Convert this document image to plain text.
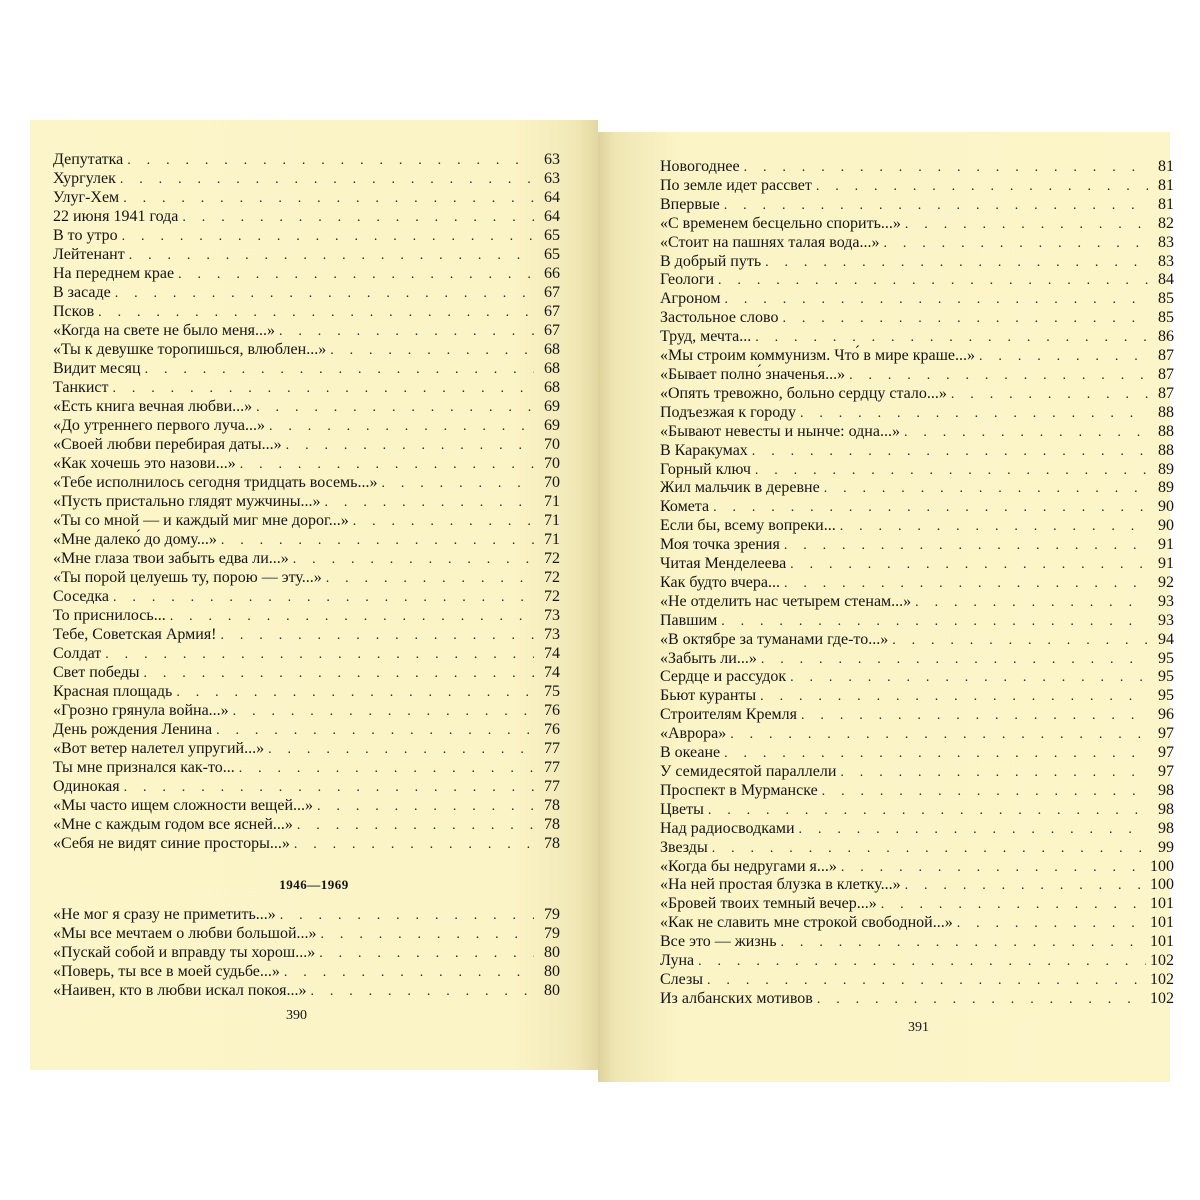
Депутатка . . .	63
Хургулек . . .	63
Улуг-Хем . . .	64
22 июня 1941 года . . .	64
В то утро . . .	65
Лейтенант . . .	65
На переднем крае . . .	66
В засаде . . .	67
Псков . . .	67
«Когда на свете не было меня...» . . .	67
«Ты к девушке торопишься, влюблен...» . . .	68
Видит месяц . . .	68
Танкист . . .	68
«Есть книга вечная любви...» . . .	69
«До утреннего первого луча...» . . .	69
«Своей любви перебирая даты...» . . .	70
«Как хочешь это назови...» . . .	70
«Тебе исполнилось сегодня тридцать восемь...» . . .	70
«Пусть пристально глядят мужчины...» . . .	71
«Ты со мной — и каждый миг мне дорог...» . . .	71
«Мне далеко́ до дому...» . . .	71
«Мне глаза твои забыть едва ли...» . . .	72
«Ты порой целуешь ту, порою — эту...» . . .	72
Соседка . . .	72
То приснилось... . . .	73
Тебе, Советская Армия! . . .	73
Солдат . . .	74
Свет победы . . .	74
Красная площадь . . .	75
«Грозно грянула война...» . . .	76
День рождения Ленина . . .	76
«Вот ветер налетел упругий...» . . .	77
Ты мне признался как-то... . . .	77
Одинокая . . .	77
«Мы часто ищем сложности вещей...» . . .	78
«Мне с каждым годом все ясней...» . . .	78
«Себя не видят синие просторы...» . . .	78
1946—1969
«Не мог я сразу не приметить...» . . .	79
«Мы все мечтаем о любви большой...» . . .	79
«Пускай собой и вправду ты хорош...» . . .	80
«Поверь, ты все в моей судьбе...» . . .	80
«Наивен, кто в любви искал покоя...» . . .	80
390
Новогоднее . . .	81
По земле идет рассвет . . .	81
Впервые . . .	81
«С временем бесцельно спорить...» . . .	82
«Стоит на пашнях талая вода...» . . .	83
В добрый путь . . .	83
Геологи . . .	84
Агроном . . .	85
Застольное слово . . .	85
Труд, мечта... . . .	86
«Мы строим коммунизм. Что́ в мире краше...» . . .	87
«Бывает полно́ значенья...» . . .	87
«Опять тревожно, больно сердцу стало...» . . .	87
Подъезжая к городу . . .	88
«Бывают невесты и нынче: одна...» . . .	88
В Каракумах . . .	88
Горный ключ . . .	89
Жил мальчик в деревне . . .	89
Комета . . .	90
Если бы, всему вопреки... . . .	90
Моя точка зрения . . .	91
Читая Менделеева . . .	91
Как будто вчера... . . .	92
«Не отделить нас четырем стенам...» . . .	93
Павшим . . .	93
«В октябре за туманами где-то...» . . .	94
«Забыть ли...» . . .	95
Сердце и рассудок . . .	95
Бьют куранты . . .	95
Строителям Кремля . . .	96
«Аврора» . . .	97
В океане . . .	97
У семидесятой параллели . . .	97
Проспект в Мурманске . . .	98
Цветы . . .	98
Над радиосводками . . .	98
Звезды . . .	99
«Когда бы недругами я...» . . .	100
«На ней простая блузка в клетку...» . . .	100
«Бровей твоих темный вечер...» . . .	101
«Как не славить мне строкой свободной...» . . .	101
Все это — жизнь . . .	101
Луна . . .	102
Слезы . . .	102
Из албанских мотивов . . .	102
391
